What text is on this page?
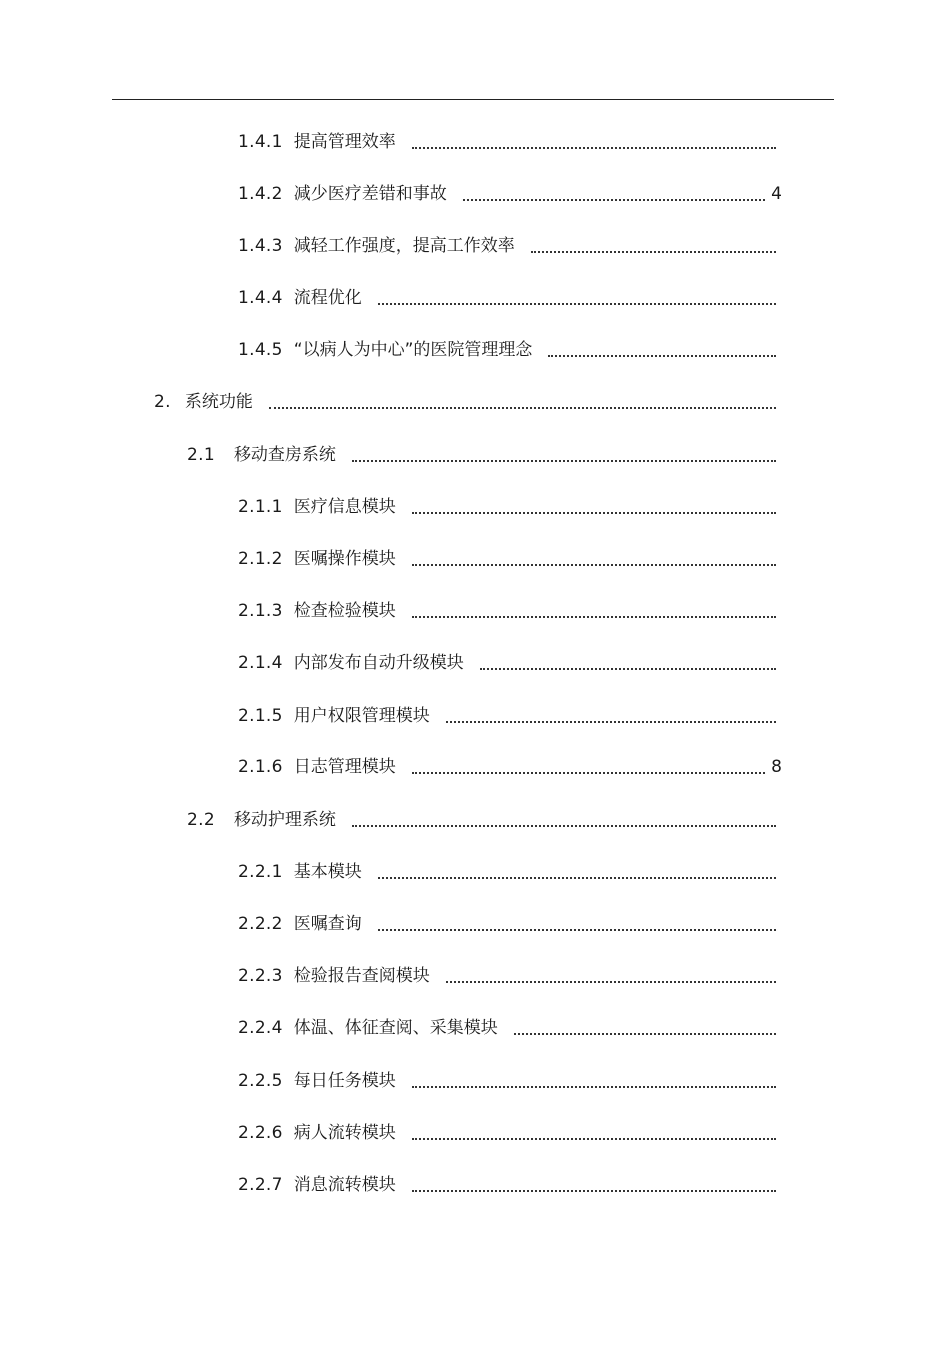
1.4.1 提高管理效率
1.4.2 减少医疗差错和事故	4
1.4.3 减轻工作强度，提高工作效率
1.4.4 流程优化
1.4.5 “以病人为中心”的医院管理理念
2. 系统功能
2.1 移动查房系统
2.1.1 医疗信息模块
2.1.2 医嘱操作模块
2.1.3 检查检验模块
2.1.4 内部发布自动升级模块
2.1.5 用户权限管理模块
2.1.6 日志管理模块	8
2.2 移动护理系统
2.2.1 基本模块
2.2.2 医嘱查询
2.2.3 检验报告查阅模块
2.2.4 体温、体征查阅、采集模块
2.2.5 每日任务模块
2.2.6 病人流转模块
2.2.7 消息流转模块
